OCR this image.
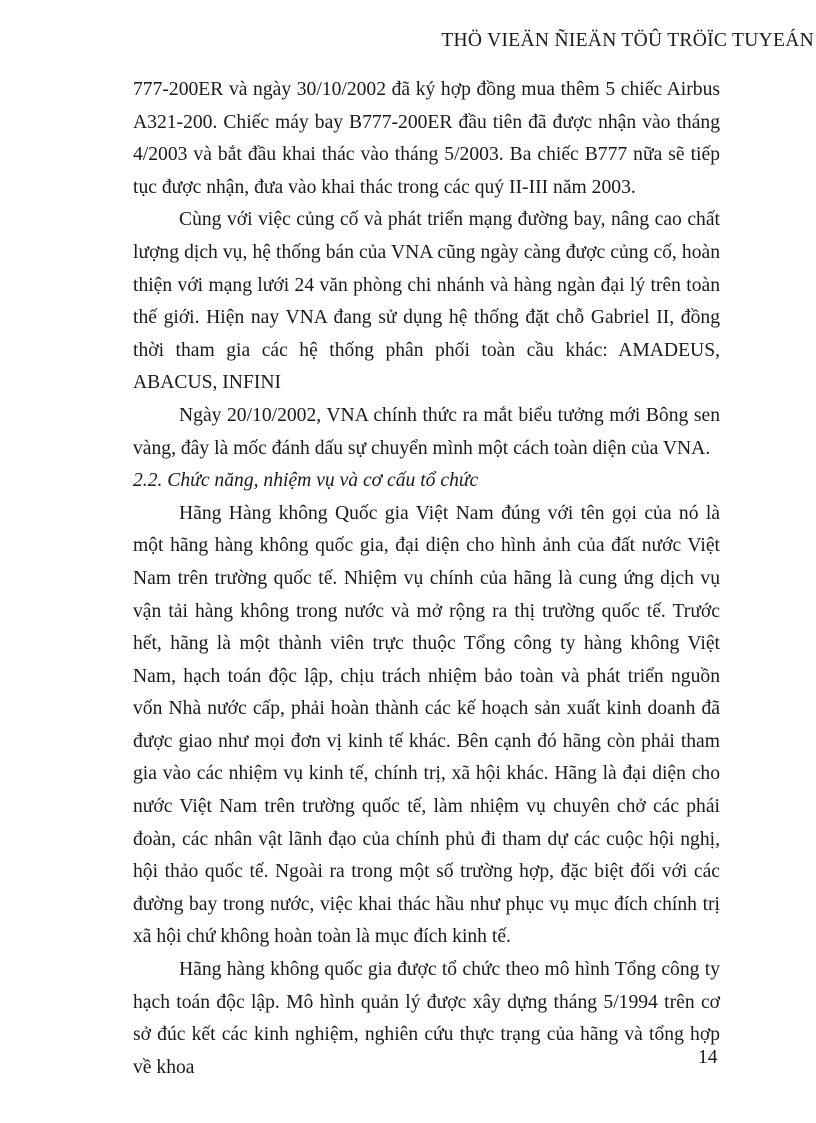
THÖ VIEÄN ÑIEÄN TÖÛ TRÖÏC TUYEÁN

777-200ER và ngày 30/10/2002 đã ký hợp đồng mua thêm 5 chiếc Airbus A321-200. Chiếc máy bay B777-200ER đầu tiên đã được nhận vào tháng 4/2003 và bắt đầu khai thác vào tháng 5/2003. Ba chiếc B777 nữa sẽ tiếp tục được nhận, đưa vào khai thác trong các quý II-III năm 2003.

Cùng với việc củng cố và phát triển mạng đường bay, nâng cao chất lượng dịch vụ, hệ thống bán của VNA cũng ngày càng được củng cố, hoàn thiện với mạng lưới 24 văn phòng chi nhánh và hàng ngàn đại lý trên toàn thế giới. Hiện nay VNA đang sử dụng hệ thống đặt chỗ Gabriel II, đồng thời tham gia các hệ thống phân phối toàn cầu khác: AMADEUS, ABACUS, INFINI

Ngày 20/10/2002, VNA chính thức ra mắt biểu tưởng mới Bông sen vàng, đây là mốc đánh dấu sự chuyển mình một cách toàn diện của VNA.

2.2. Chức năng, nhiệm vụ và cơ cấu tổ chức

Hãng Hàng không Quốc gia Việt Nam đúng với tên gọi của nó là một hãng hàng không quốc gia, đại diện cho hình ảnh của đất nước Việt Nam trên trường quốc tế. Nhiệm vụ chính của hãng là cung ứng dịch vụ vận tải hàng không trong nước và mở rộng ra thị trường quốc tế. Trước hết, hãng là một thành viên trực thuộc Tổng công ty hàng không Việt Nam, hạch toán độc lập, chịu trách nhiệm bảo toàn và phát triển nguồn vốn Nhà nước cấp, phải hoàn thành các kế hoạch sản xuất kinh doanh đã được giao như mọi đơn vị kinh tế khác. Bên cạnh đó hãng còn phải tham gia vào các nhiệm vụ kinh tế, chính trị, xã hội khác. Hãng là đại diện cho nước Việt Nam trên trường quốc tế, làm nhiệm vụ chuyên chở các phái đoàn, các nhân vật lãnh đạo của chính phủ đi tham dự các cuộc hội nghị, hội thảo quốc tế. Ngoài ra trong một số trường hợp, đặc biệt đối với các đường bay trong nước, việc khai thác hầu như phục vụ mục đích chính trị xã hội chứ không hoàn toàn là mục đích kinh tế.

Hãng hàng không quốc gia được tổ chức theo mô hình Tổng công ty hạch toán độc lập. Mô hình quản lý được xây dựng tháng 5/1994 trên cơ sở đúc kết các kinh nghiệm, nghiên cứu thực trạng của hãng và tổng hợp về khoa	14
